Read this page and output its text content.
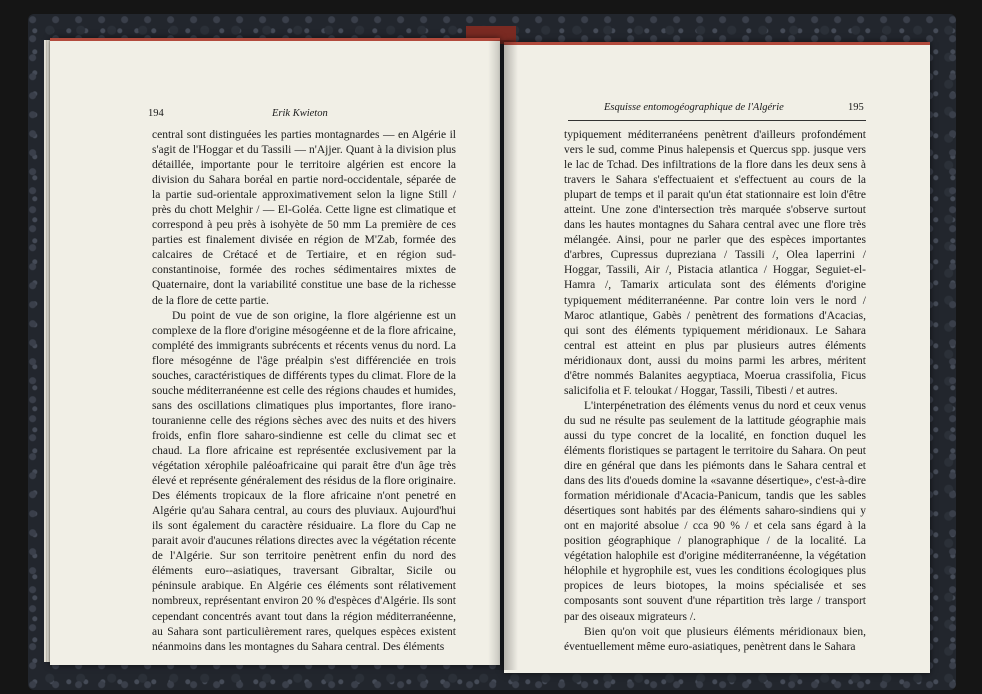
194	Erik Kwieton
Esquisse entomogéographique de l'Algérie	195

central sont distinguées les parties montagnardes — en Algérie il s'agit de l'Hoggar et du Tassili — n'Ajjer. Quant à la division plus détaillée, importante pour le territoire algérien est encore la division du Sahara boréal en partie nord-occidentale, séparée de la partie sud-orientale approximativement selon la ligne Still / près du chott Melghir / — El-Goléa. Cette ligne est climatique et correspond à peu près à isohyète de 50 mm La première de ces parties est finalement divisée en région de M'Zab, formée des calcaires de Crétacé et de Tertiaire, et en région sud-constantinoise, formée des roches sédimentaires mixtes de Quaternaire, dont la variabilité constitue une base de la richesse de la flore de cette partie.

Du point de vue de son origine, la flore algérienne est un complexe de la flore d'origine mésogéenne et de la flore africaine, complété des immigrants subrécents et récents venus du nord. La flore mésogénne de l'âge préalpin s'est différenciée en trois souches, caractéristiques de différents types du climat. Flore de la souche méditerranéenne est celle des régions chaudes et humides, sans des oscillations climatiques plus importantes, flore irano-touranienne celle des régions sèches avec des nuits et des hivers froids, enfin flore saharo-sindienne est celle du climat sec et chaud. La flore africaine est représentée exclusivement par la végétation xérophile paléoafricaine qui parait être d'un âge très élevé et représente généralement des résidus de la flore originaire. Des éléments tropicaux de la flore africaine n'ont penetré en Algérie qu'au Sahara central, au cours des pluviaux. Aujourd'hui ils sont également du caractère résiduaire. La flore du Cap ne parait avoir d'aucunes rélations directes avec la végétation récente de l'Algérie. Sur son territoire penètrent enfin du nord des éléments euro--asiatiques, traversant Gibraltar, Sicile ou péninsule arabique. En Algérie ces éléments sont rélativement nombreux, représentant environ 20 % d'espèces d'Algérie. Ils sont cependant concentrés avant tout dans la région méditerranéenne, au Sahara sont particulièrement rares, quelques espèces existent néanmoins dans les montagnes du Sahara central. Des éléments

typiquement méditerranéens penètrent d'ailleurs profondément vers le sud, comme Pinus halepensis et Quercus spp. jusque vers le lac de Tchad. Des infiltrations de la flore dans les deux sens à travers le Sahara s'effectuaient et s'effectuent au cours de la plupart de temps et il parait qu'un état stationnaire est loin d'être atteint. Une zone d'intersection très marquée s'observe surtout dans les hautes montagnes du Sahara central avec une flore très mélangée. Ainsi, pour ne parler que des espèces importantes d'arbres, Cupressus dupreziana / Tassili /, Olea laperrini / Hoggar, Tassili, Air /, Pistacia atlantica / Hoggar, Seguiet-el-Hamra /, Tamarix articulata sont des éléments d'origine typiquement méditerranéenne. Par contre loin vers le nord / Maroc atlantique, Gabès / penètrent des formations d'Acacias, qui sont des éléments typiquement méridionaux. Le Sahara central est atteint en plus par plusieurs autres éléments méridionaux dont, aussi du moins parmi les arbres, méritent d'être nommés Balanites aegyptiaca, Moerua crassifolia, Ficus salicifolia et F. teloukat / Hoggar, Tassili, Tibesti / et autres.

L'interpénetration des éléments venus du nord et ceux venus du sud ne résulte pas seulement de la lattitude géographie mais aussi du type concret de la localité, en fonction duquel les éléments floristiques se partagent le territoire du Sahara. On peut dire en général que dans les piémonts dans le Sahara central et dans des lits d'oueds domine la «savanne désertique», c'est-à-dire formation méridionale d'Acacia-Panicum, tandis que les sables désertiques sont habités par des éléments saharo-sindiens qui y ont en majorité absolue / cca 90 % / et cela sans égard à la position géographique / planographique / de la localité. La végétation halophile est d'origine méditerranéenne, la végétation hélophile et hygrophile est, vues les conditions écologiques plus propices de leurs biotopes, la moins spécialisée et ses composants sont souvent d'une répartition très large / transport par des oiseaux migrateurs /.

Bien qu'on voit que plusieurs éléments méridionaux bien, éventuellement même euro-asiatiques, penètrent dans le Sahara
